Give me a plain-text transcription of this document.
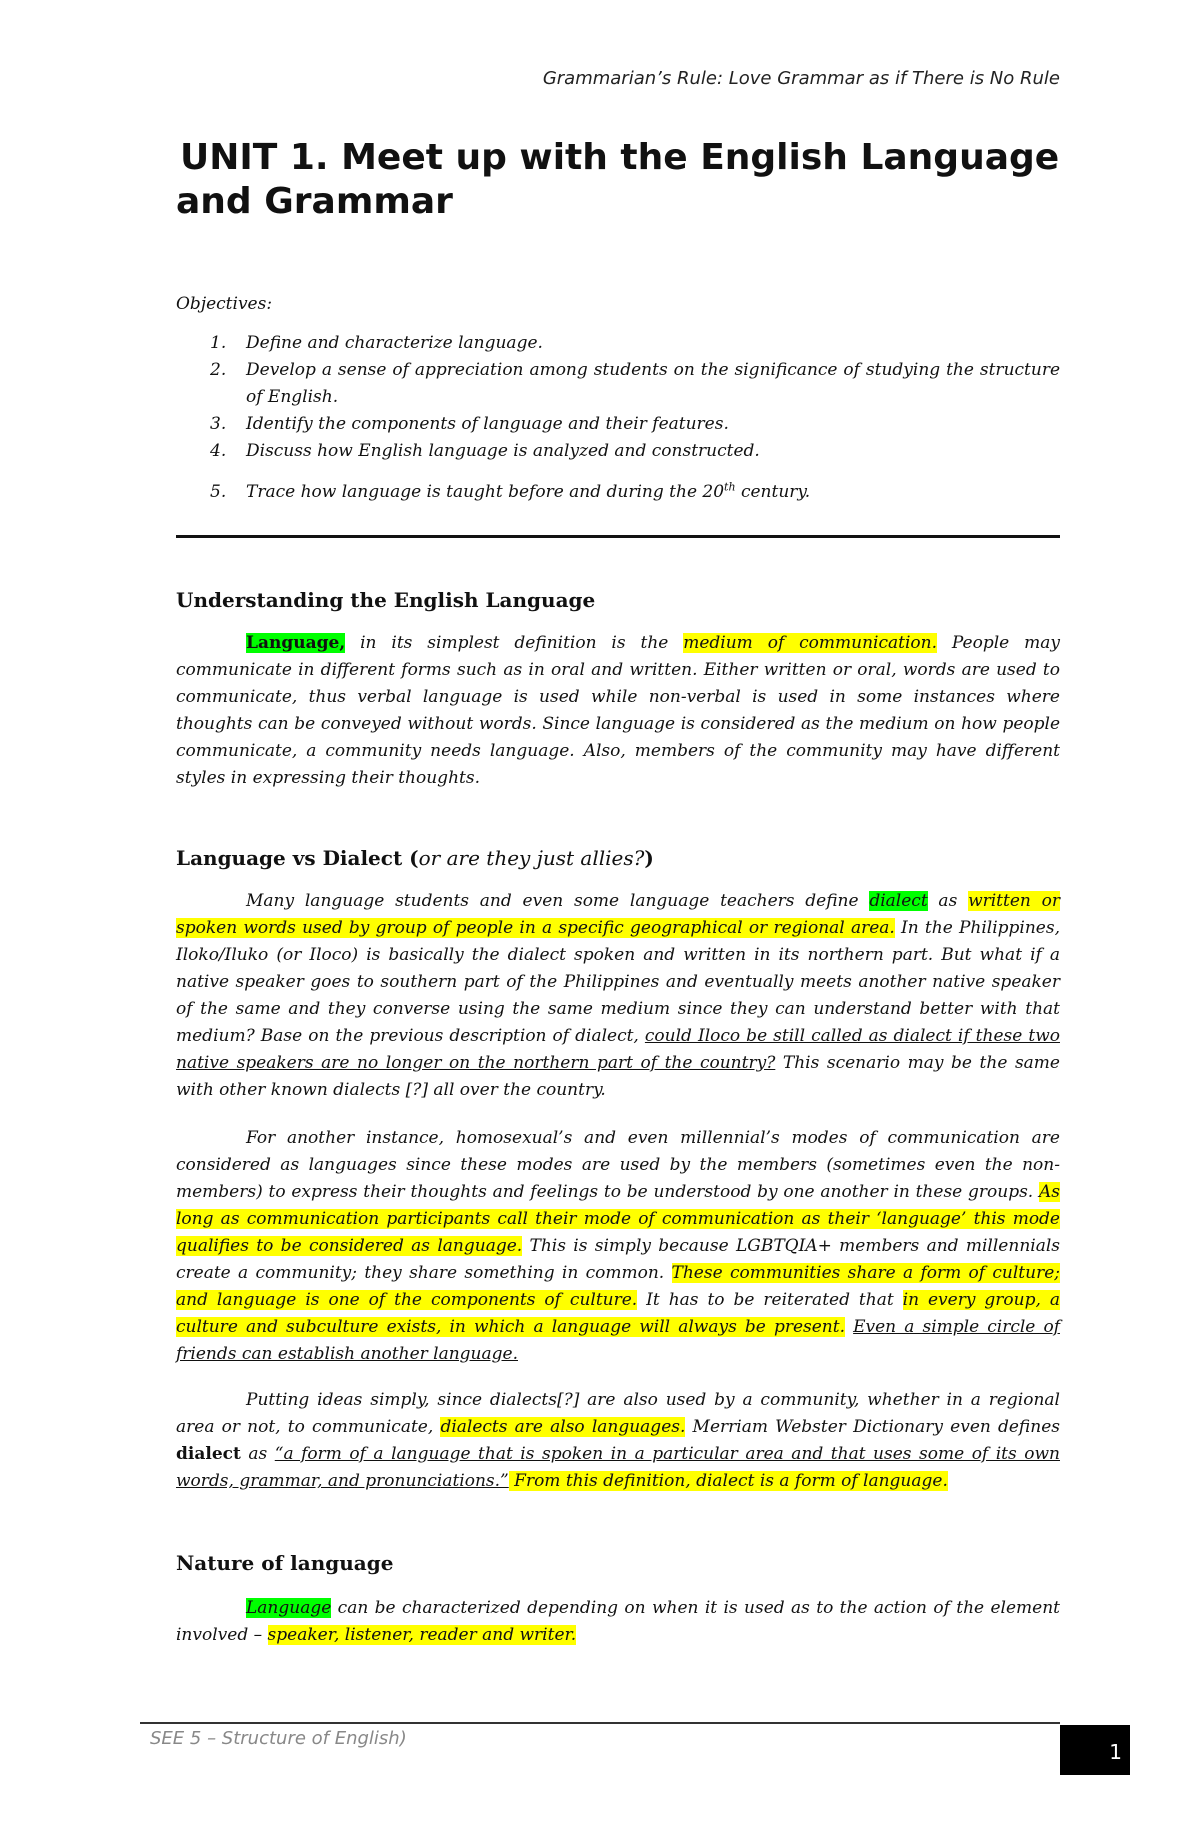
Grammarian’s Rule: Love Grammar as if There is No Rule
UNIT 1. Meet up with the English Language and Grammar
Objectives:
1. Define and characterize language.
2. Develop a sense of appreciation among students on the significance of studying the structure of English.
3. Identify the components of language and their features.
4. Discuss how English language is analyzed and constructed.
5. Trace how language is taught before and during the 20th century.
Understanding the English Language

Language, in its simplest definition is the medium of communication. People may communicate in different forms such as in oral and written. Either written or oral, words are used to communicate, thus verbal language is used while non-verbal is used in some instances where thoughts can be conveyed without words. Since language is considered as the medium on how people communicate, a community needs language. Also, members of the community may have different styles in expressing their thoughts.

Language vs Dialect (or are they just allies?)

Many language students and even some language teachers define dialect as written or spoken words used by group of people in a specific geographical or regional area. In the Philippines, Iloko/Iluko (or Iloco) is basically the dialect spoken and written in its northern part. But what if a native speaker goes to southern part of the Philippines and eventually meets another native speaker of the same and they converse using the same medium since they can understand better with that medium? Base on the previous description of dialect, could Iloco be still called as dialect if these two native speakers are no longer on the northern part of the country? This scenario may be the same with other known dialects [?] all over the country.

For another instance, homosexual’s and even millennial’s modes of communication are considered as languages since these modes are used by the members (sometimes even the non-members) to express their thoughts and feelings to be understood by one another in these groups. As long as communication participants call their mode of communication as their ‘language’ this mode qualifies to be considered as language. This is simply because LGBTQIA+ members and millennials create a community; they share something in common. These communities share a form of culture; and language is one of the components of culture. It has to be reiterated that in every group, a culture and subculture exists, in which a language will always be present. Even a simple circle of friends can establish another language.

Putting ideas simply, since dialects[?] are also used by a community, whether in a regional area or not, to communicate, dialects are also languages. Merriam Webster Dictionary even defines dialect as “a form of a language that is spoken in a particular area and that uses some of its own words, grammar, and pronunciations.” From this definition, dialect is a form of language.

Nature of language

Language can be characterized depending on when it is used as to the action of the element involved – speaker, listener, reader and writer.

SEE 5 – Structure of English)
1
